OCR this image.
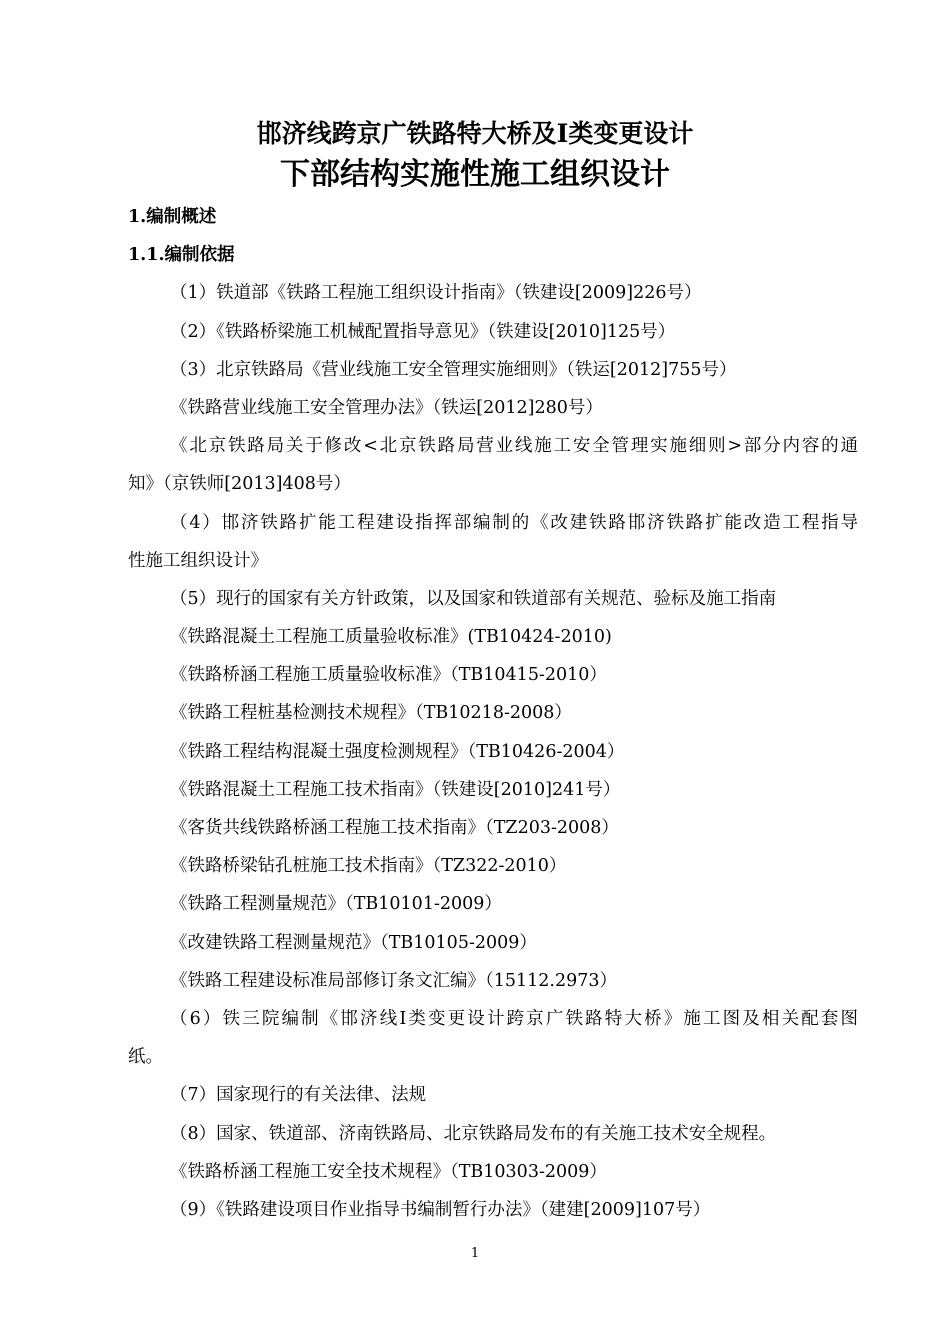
邯济线跨京广铁路特大桥及Ⅰ类变更设计
下部结构实施性施工组织设计
1.编制概述
1.1.编制依据
（1）铁道部《铁路工程施工组织设计指南》（铁建设[2009]226号）
（2）《铁路桥梁施工机械配置指导意见》（铁建设[2010]125号）
（3）北京铁路局《营业线施工安全管理实施细则》（铁运[2012]755号）
《铁路营业线施工安全管理办法》（铁运[2012]280号）
《北京铁路局关于修改<北京铁路局营业线施工安全管理实施细则>部分内容的通
知》（京铁师[2013]408号）
（4）邯济铁路扩能工程建设指挥部编制的《改建铁路邯济铁路扩能改造工程指导
性施工组织设计》
（5）现行的国家有关方针政策，以及国家和铁道部有关规范、验标及施工指南
《铁路混凝土工程施工质量验收标准》(TB10424-2010)
《铁路桥涵工程施工质量验收标准》（TB10415-2010）
《铁路工程桩基检测技术规程》（TB10218-2008）
《铁路工程结构混凝土强度检测规程》（TB10426-2004）
《铁路混凝土工程施工技术指南》（铁建设[2010]241号）
《客货共线铁路桥涵工程施工技术指南》（TZ203-2008）
《铁路桥梁钻孔桩施工技术指南》（TZ322-2010）
《铁路工程测量规范》（TB10101-2009）
《改建铁路工程测量规范》（TB10105-2009）
《铁路工程建设标准局部修订条文汇编》（15112.2973）
（6）铁三院编制《邯济线Ⅰ类变更设计跨京广铁路特大桥》施工图及相关配套图
纸。
（7）国家现行的有关法律、法规
（8）国家、铁道部、济南铁路局、北京铁路局发布的有关施工技术安全规程。
《铁路桥涵工程施工安全技术规程》（TB10303-2009）
（9）《铁路建设项目作业指导书编制暂行办法》（建建[2009]107号）
1
